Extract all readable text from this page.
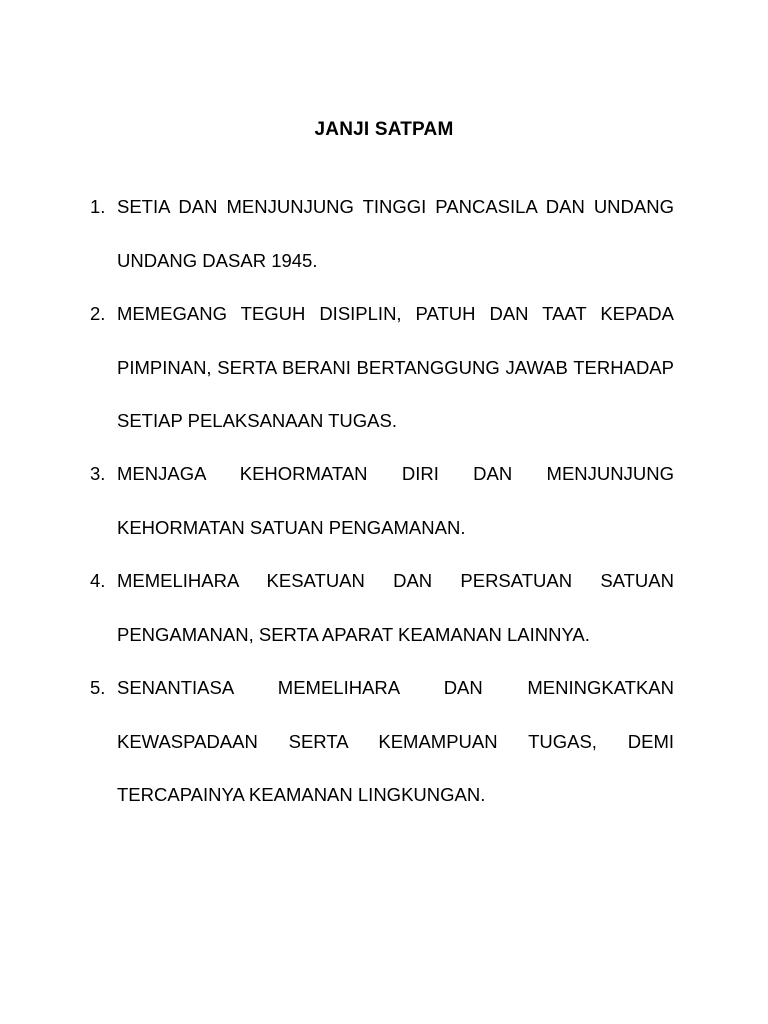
JANJI SATPAM
1. SETIA DAN MENJUNJUNG TINGGI PANCASILA DAN UNDANG UNDANG DASAR 1945.
2. MEMEGANG TEGUH DISIPLIN, PATUH DAN TAAT KEPADA PIMPINAN, SERTA BERANI BERTANGGUNG JAWAB TERHADAP SETIAP PELAKSANAAN TUGAS.
3. MENJAGA KEHORMATAN DIRI DAN MENJUNJUNG KEHORMATAN SATUAN PENGAMANAN.
4. MEMELIHARA KESATUAN DAN PERSATUAN SATUAN PENGAMANAN, SERTA APARAT KEAMANAN LAINNYA.
5. SENANTIASA MEMELIHARA DAN MENINGKATKAN KEWASPADAAN SERTA KEMAMPUAN TUGAS, DEMI TERCAPAINYA KEAMANAN LINGKUNGAN.
